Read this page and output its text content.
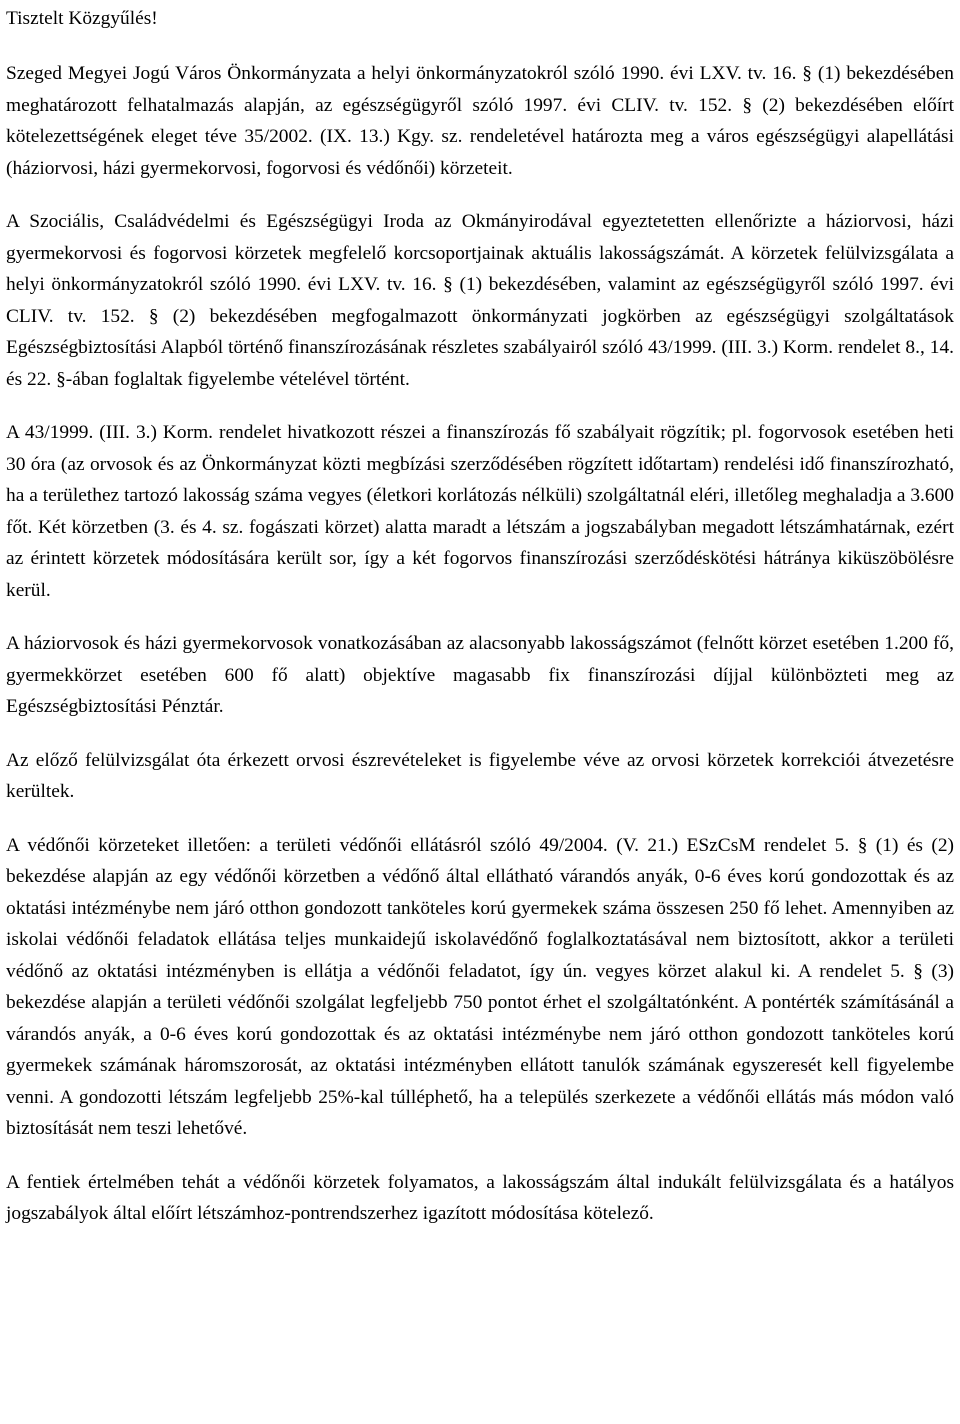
Tisztelt Közgyűlés!

Szeged Megyei Jogú Város Önkormányzata a helyi önkormányzatokról szóló 1990. évi LXV. tv. 16. § (1) bekezdésében meghatározott felhatalmazás alapján, az egészségügyről szóló 1997. évi CLIV. tv. 152. § (2) bekezdésében előírt kötelezettségének eleget téve 35/2002. (IX. 13.) Kgy. sz. rendeletével határozta meg a város egészségügyi alapellátási (háziorvosi, házi gyermekorvosi, fogorvosi és védőnői) körzeteit.

A Szociális, Családvédelmi és Egészségügyi Iroda az Okmányirodával egyeztetetten ellenőrizte a háziorvosi, házi gyermekorvosi és fogorvosi körzetek megfelelő korcsoportjainak aktuális lakosságszámát. A körzetek felülvizsgálata a helyi önkormányzatokról szóló 1990. évi LXV. tv. 16. § (1) bekezdésében, valamint az egészségügyről szóló 1997. évi CLIV. tv. 152. § (2) bekezdésében megfogalmazott önkormányzati jogkörben az egészségügyi szolgáltatások Egészségbiztosítási Alapból történő finanszírozásának részletes szabályairól szóló 43/1999. (III. 3.) Korm. rendelet 8., 14. és 22. §-ában foglaltak figyelembe vételével történt.

A 43/1999. (III. 3.) Korm. rendelet hivatkozott részei a finanszírozás fő szabályait rögzítik; pl. fogorvosok esetében heti 30 óra (az orvosok és az Önkormányzat közti megbízási szerződésében rögzített időtartam) rendelési idő finanszírozható, ha a területhez tartozó lakosság száma vegyes (életkori korlátozás nélküli) szolgáltatnál eléri, illetőleg meghaladja a 3.600 főt. Két körzetben (3. és 4. sz. fogászati körzet) alatta maradt a létszám a jogszabályban megadott létszámhatárnak, ezért az érintett körzetek módosítására került sor, így a két fogorvos finanszírozási szerződéskötési hátránya kiküszöbölésre kerül.

A háziorvosok és házi gyermekorvosok vonatkozásában az alacsonyabb lakosságszámot (felnőtt körzet esetében 1.200 fő, gyermekkörzet esetében 600 fő alatt) objektíve magasabb fix finanszírozási díjjal különbözteti meg az Egészségbiztosítási Pénztár.

Az előző felülvizsgálat óta érkezett orvosi észrevételeket is figyelembe véve az orvosi körzetek korrekciói átvezetésre kerültek.

A védőnői körzeteket illetően: a területi védőnői ellátásról szóló 49/2004. (V. 21.) ESzCsM rendelet 5. § (1) és (2) bekezdése alapján az egy védőnői körzetben a védőnő által ellátható várandós anyák, 0-6 éves korú gondozottak és az oktatási intézménybe nem járó otthon gondozott tanköteles korú gyermekek száma összesen 250 fő lehet. Amennyiben az iskolai védőnői feladatok ellátása teljes munkaidejű iskolavédőnő foglalkoztatásával nem biztosított, akkor a területi védőnő az oktatási intézményben is ellátja a védőnői feladatot, így ún. vegyes körzet alakul ki. A rendelet 5. § (3) bekezdése alapján a területi védőnői szolgálat legfeljebb 750 pontot érhet el szolgáltatónként. A pontérték számításánál a várandós anyák, a 0-6 éves korú gondozottak és az oktatási intézménybe nem járó otthon gondozott tanköteles korú gyermekek számának háromszorosát, az oktatási intézményben ellátott tanulók számának egyszeresét kell figyelembe venni. A gondozotti létszám legfeljebb 25%-kal túlléphető, ha a település szerkezete a védőnői ellátás más módon való biztosítását nem teszi lehetővé.

A fentiek értelmében tehát a védőnői körzetek folyamatos, a lakosságszám által indukált felülvizsgálata és a hatályos jogszabályok által előírt létszámhoz-pontrendszerhez igazított módosítása kötelező.
